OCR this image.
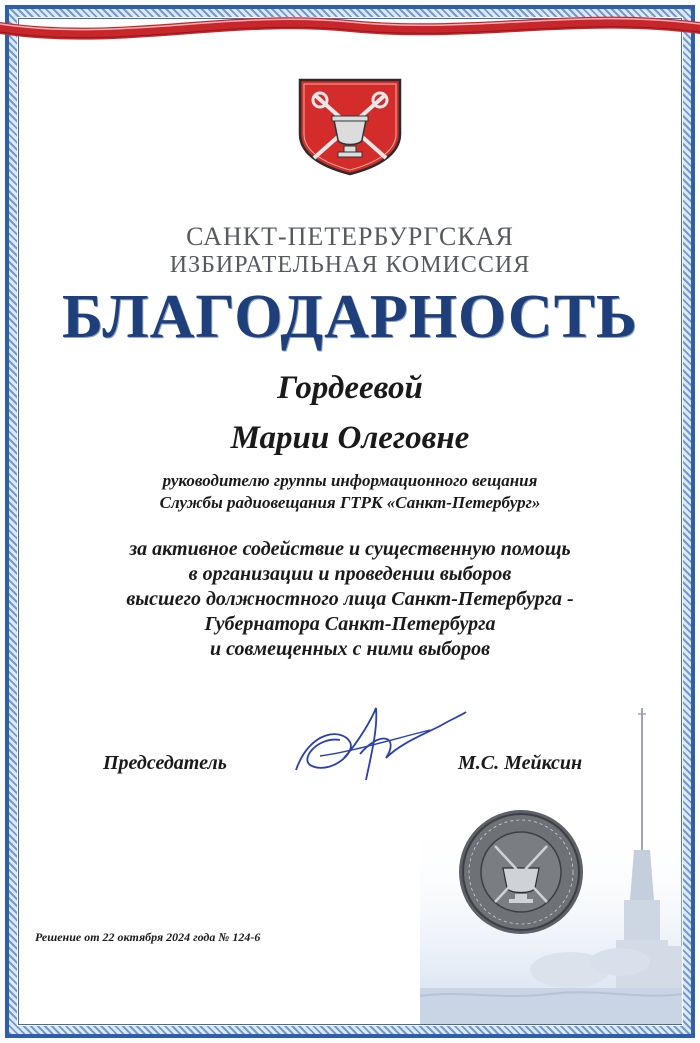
САНКТ-ПЕТЕРБУРГСКАЯ
ИЗБИРАТЕЛЬНАЯ КОМИССИЯ
БЛАГОДАРНОСТЬ
Гордеевой
Марии Олеговне
руководителю группы информационного вещания
Службы радиовещания ГТРК «Санкт-Петербург»
за активное содействие и существенную помощь
в организации и проведении выборов
высшего должностного лица Санкт-Петербурга -
Губернатора Санкт-Петербурга
и совмещенных с ними выборов
Председатель	М.С. Мейксин
Решение от 22 октября 2024 года № 124-6
